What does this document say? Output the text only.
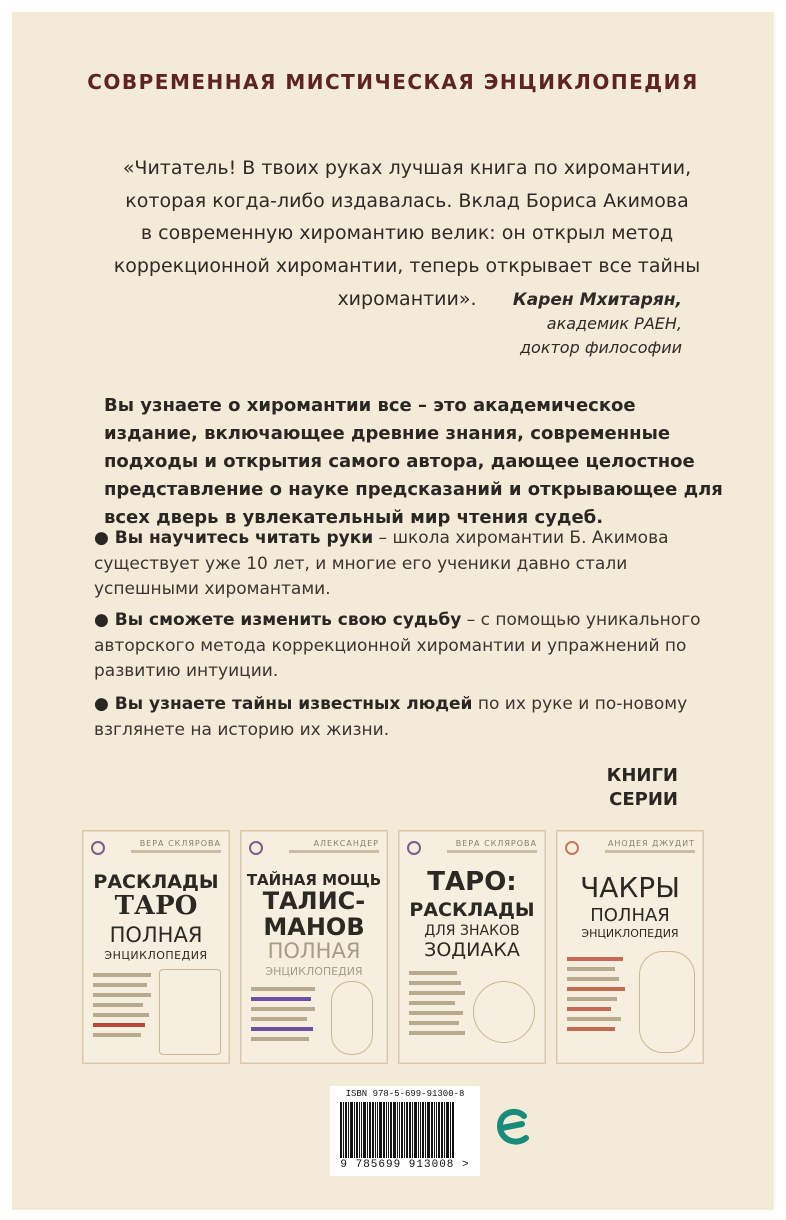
СОВРЕМЕННАЯ МИСТИЧЕСКАЯ ЭНЦИКЛОПЕДИЯ
«Читатель! В твоих руках лучшая книга по хиромантии,
которая когда-либо издавалась. Вклад Бориса Акимова
в современную хиромантию велик: он открыл метод
коррекционной хиромантии, теперь открывает все тайны
хиромантии».	Карен Мхитарян,
академик РАЕН,
доктор философии
Вы узнаете о хиромантии все – это академическое издание, включающее древние знания, современные подходы и открытия самого автора, дающее целостное представление о науке предсказаний и открывающее для всех дверь в увлекательный мир чтения судеб.
● Вы научитесь читать руки – школа хиромантии Б. Акимова существует уже 10 лет, и многие его ученики давно стали успешными хиромантами.
● Вы сможете изменить свою судьбу – с помощью уникального авторского метода коррекционной хиромантии и упражнений по развитию интуиции.
● Вы узнаете тайны известных людей по их руке и по-новому взглянете на историю их жизни.
КНИГИ
СЕРИИ
ВЕРА СКЛЯРОВА
РАСКЛАДЫ
ТАРО
ПОЛНАЯ
ЭНЦИКЛОПЕДИЯ
АЛЕКСАНДЕР
ТАЙНАЯ МОЩЬ
ТАЛИС-
МАНОВ
ПОЛНАЯ
ЭНЦИКЛОПЕДИЯ
ВЕРА СКЛЯРОВА
ТАРО:
РАСКЛАДЫ
ДЛЯ ЗНАКОВ
ЗОДИАКА
АНОДЕЯ ДЖУДИТ
ЧАКРЫ
ПОЛНАЯ
ЭНЦИКЛОПЕДИЯ
ISBN 978-5-699-91300-8
9 785699 913008 >
